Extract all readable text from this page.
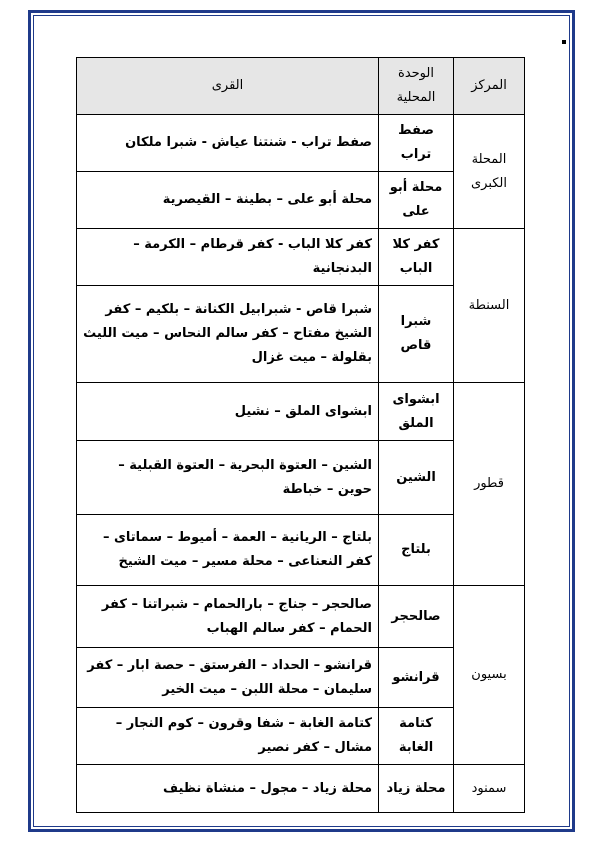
المركز	الوحدة المحلية	القرى
المحلة الكبرى	صفط تراب	صفط تراب - شنتنا عياش - شبرا ملكان
	محلة أبو على	محلة أبو على – بطينة – القيصرية
السنطة	كفر كلا الباب	كفر كلا الباب - كفر قرطام – الكرمة – البدنجانية
	شبرا قاص	شبرا قاص - شبرابيل الكنانة – بلكيم – كفر الشيخ مفتاح – كفر سالم النحاس – ميت الليث بقلولة – ميت غزال
قطور	ابشواى الملق	ابشواى الملق – نشيل
	الشين	الشين – العتوة البحرية – العتوة القبلية – حوين – خباطة
	بلتاج	بلتاج – الريانية – العمة – أميوط – سماتاى – كفر النعناعى – محلة مسير – ميت الشيخ
بسيون	صالحجر	صالحجر – جناج – بارالحمام – شبراتنا – كفر الحمام – كفر سالم الهباب
	قرانشو	قرانشو – الحداد – الفرستق – حصة ابار – كفر سليمان – محلة اللبن – ميت الخير
	كتامة الغابة	كتامة الغابة – شفا وقرون – كوم النجار – مشال – كفر نصير
سمنود	محلة زياد	محلة زياد – مجول – منشاة نظيف
